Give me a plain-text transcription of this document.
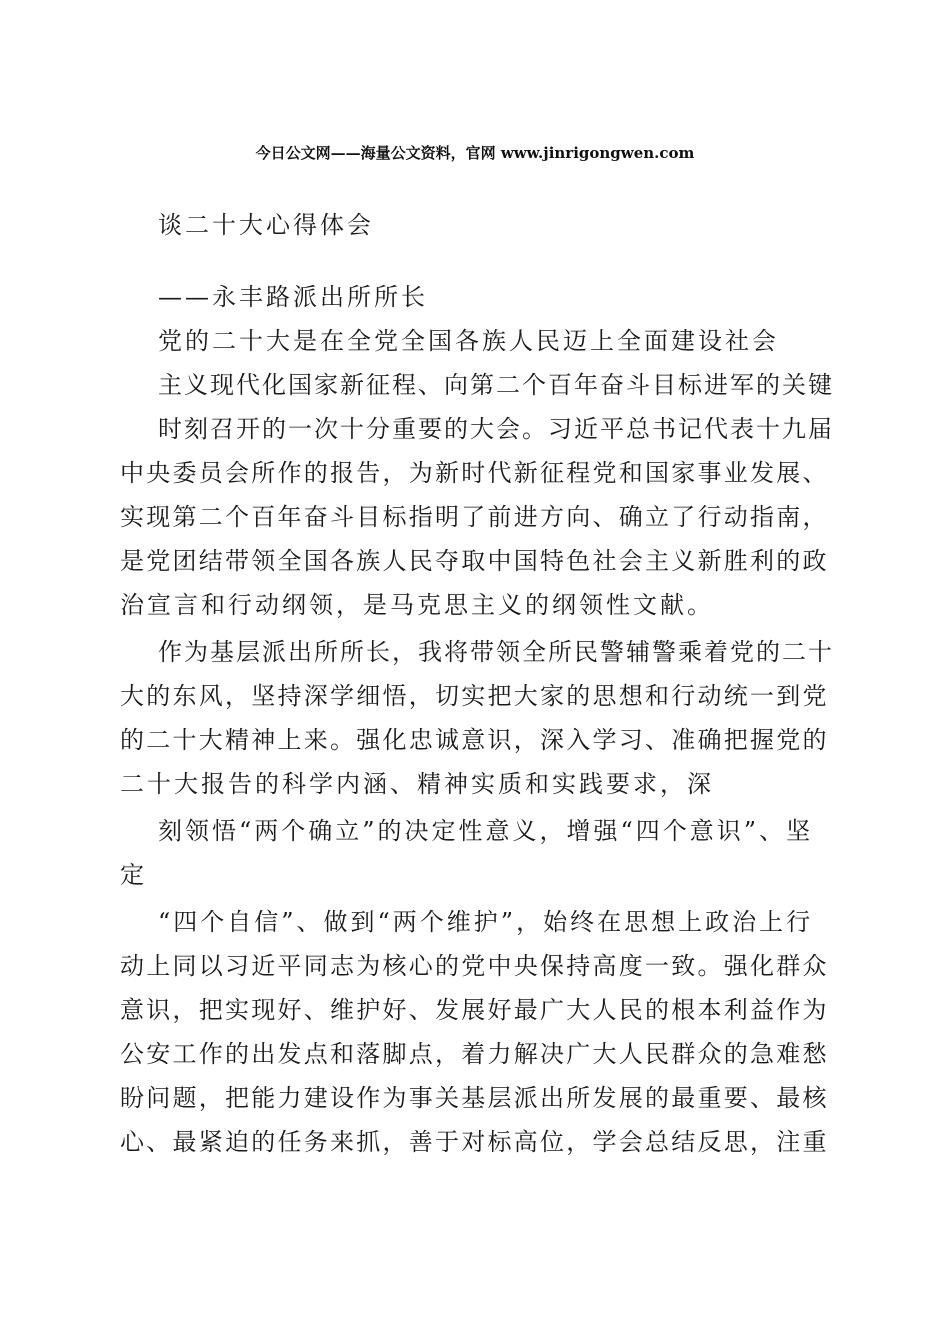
今日公文网——海量公文资料，官网 www.jinrigongwen.com
谈二十大心得体会
——永丰路派出所所长
党的二十大是在全党全国各族人民迈上全面建设社会
主义现代化国家新征程、向第二个百年奋斗目标进军的关键
时刻召开的一次十分重要的大会。习近平总书记代表十九届
中央委员会所作的报告，为新时代新征程党和国家事业发展、
实现第二个百年奋斗目标指明了前进方向、确立了行动指南，
是党团结带领全国各族人民夺取中国特色社会主义新胜利的政
治宣言和行动纲领，是马克思主义的纲领性文献。
作为基层派出所所长，我将带领全所民警辅警乘着党的二十
大的东风，坚持深学细悟，切实把大家的思想和行动统一到党
的二十大精神上来。强化忠诚意识，深入学习、准确把握党的
二十大报告的科学内涵、精神实质和实践要求，深
刻领悟“两个确立”的决定性意义，增强“四个意识”、坚
定
“四个自信”、做到“两个维护”，始终在思想上政治上行
动上同以习近平同志为核心的党中央保持高度一致。强化群众
意识，把实现好、维护好、发展好最广大人民的根本利益作为
公安工作的出发点和落脚点，着力解决广大人民群众的急难愁
盼问题，把能力建设作为事关基层派出所发展的最重要、最核
心、最紧迫的任务来抓，善于对标高位，学会总结反思，注重
